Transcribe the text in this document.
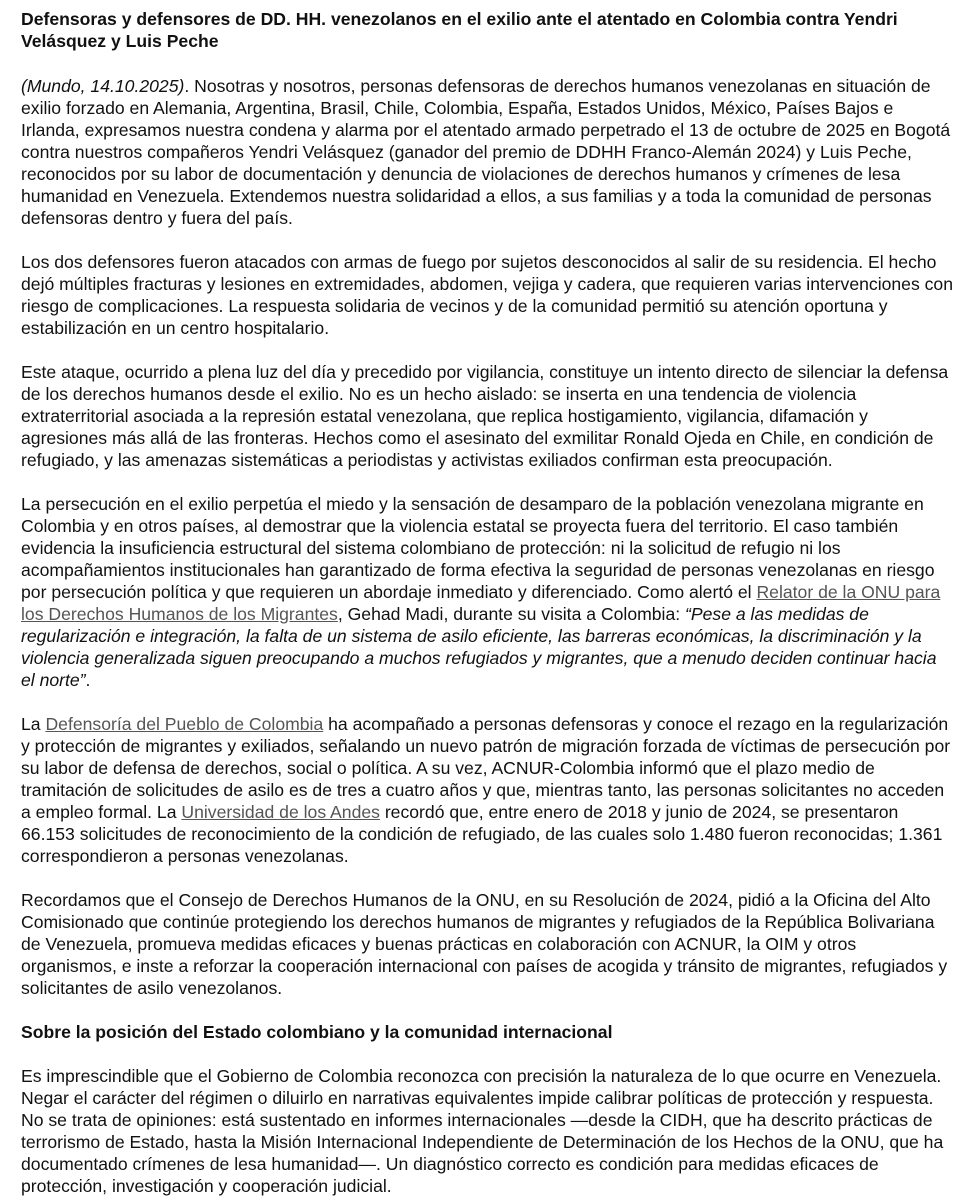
Defensoras y defensores de DD. HH. venezolanos en el exilio ante el atentado en Colombia contra Yendri Velásquez y Luis Peche

(Mundo, 14.10.2025). Nosotras y nosotros, personas defensoras de derechos humanos venezolanas en situación de exilio forzado en Alemania, Argentina, Brasil, Chile, Colombia, España, Estados Unidos, México, Países Bajos e Irlanda, expresamos nuestra condena y alarma por el atentado armado perpetrado el 13 de octubre de 2025 en Bogotá contra nuestros compañeros Yendri Velásquez (ganador del premio de DDHH Franco-Alemán 2024) y Luis Peche, reconocidos por su labor de documentación y denuncia de violaciones de derechos humanos y crímenes de lesa humanidad en Venezuela. Extendemos nuestra solidaridad a ellos, a sus familias y a toda la comunidad de personas defensoras dentro y fuera del país.

Los dos defensores fueron atacados con armas de fuego por sujetos desconocidos al salir de su residencia. El hecho dejó múltiples fracturas y lesiones en extremidades, abdomen, vejiga y cadera, que requieren varias intervenciones con riesgo de complicaciones. La respuesta solidaria de vecinos y de la comunidad permitió su atención oportuna y estabilización en un centro hospitalario.

Este ataque, ocurrido a plena luz del día y precedido por vigilancia, constituye un intento directo de silenciar la defensa de los derechos humanos desde el exilio. No es un hecho aislado: se inserta en una tendencia de violencia extraterritorial asociada a la represión estatal venezolana, que replica hostigamiento, vigilancia, difamación y agresiones más allá de las fronteras. Hechos como el asesinato del exmilitar Ronald Ojeda en Chile, en condición de refugiado, y las amenazas sistemáticas a periodistas y activistas exiliados confirman esta preocupación.

La persecución en el exilio perpetúa el miedo y la sensación de desamparo de la población venezolana migrante en Colombia y en otros países, al demostrar que la violencia estatal se proyecta fuera del territorio. El caso también evidencia la insuficiencia estructural del sistema colombiano de protección: ni la solicitud de refugio ni los acompañamientos institucionales han garantizado de forma efectiva la seguridad de personas venezolanas en riesgo por persecución política y que requieren un abordaje inmediato y diferenciado. Como alertó el Relator de la ONU para los Derechos Humanos de los Migrantes, Gehad Madi, durante su visita a Colombia: “Pese a las medidas de regularización e integración, la falta de un sistema de asilo eficiente, las barreras económicas, la discriminación y la violencia generalizada siguen preocupando a muchos refugiados y migrantes, que a menudo deciden continuar hacia el norte”.

La Defensoría del Pueblo de Colombia ha acompañado a personas defensoras y conoce el rezago en la regularización y protección de migrantes y exiliados, señalando un nuevo patrón de migración forzada de víctimas de persecución por su labor de defensa de derechos, social o política. A su vez, ACNUR-Colombia informó que el plazo medio de tramitación de solicitudes de asilo es de tres a cuatro años y que, mientras tanto, las personas solicitantes no acceden a empleo formal. La Universidad de los Andes recordó que, entre enero de 2018 y junio de 2024, se presentaron 66.153 solicitudes de reconocimiento de la condición de refugiado, de las cuales solo 1.480 fueron reconocidas; 1.361 correspondieron a personas venezolanas.

Recordamos que el Consejo de Derechos Humanos de la ONU, en su Resolución de 2024, pidió a la Oficina del Alto Comisionado que continúe protegiendo los derechos humanos de migrantes y refugiados de la República Bolivariana de Venezuela, promueva medidas eficaces y buenas prácticas en colaboración con ACNUR, la OIM y otros organismos, e inste a reforzar la cooperación internacional con países de acogida y tránsito de migrantes, refugiados y solicitantes de asilo venezolanos.

Sobre la posición del Estado colombiano y la comunidad internacional

Es imprescindible que el Gobierno de Colombia reconozca con precisión la naturaleza de lo que ocurre en Venezuela. Negar el carácter del régimen o diluirlo en narrativas equivalentes impide calibrar políticas de protección y respuesta. No se trata de opiniones: está sustentado en informes internacionales —desde la CIDH, que ha descrito prácticas de terrorismo de Estado, hasta la Misión Internacional Independiente de Determinación de los Hechos de la ONU, que ha documentado crímenes de lesa humanidad—. Un diagnóstico correcto es condición para medidas eficaces de protección, investigación y cooperación judicial.
